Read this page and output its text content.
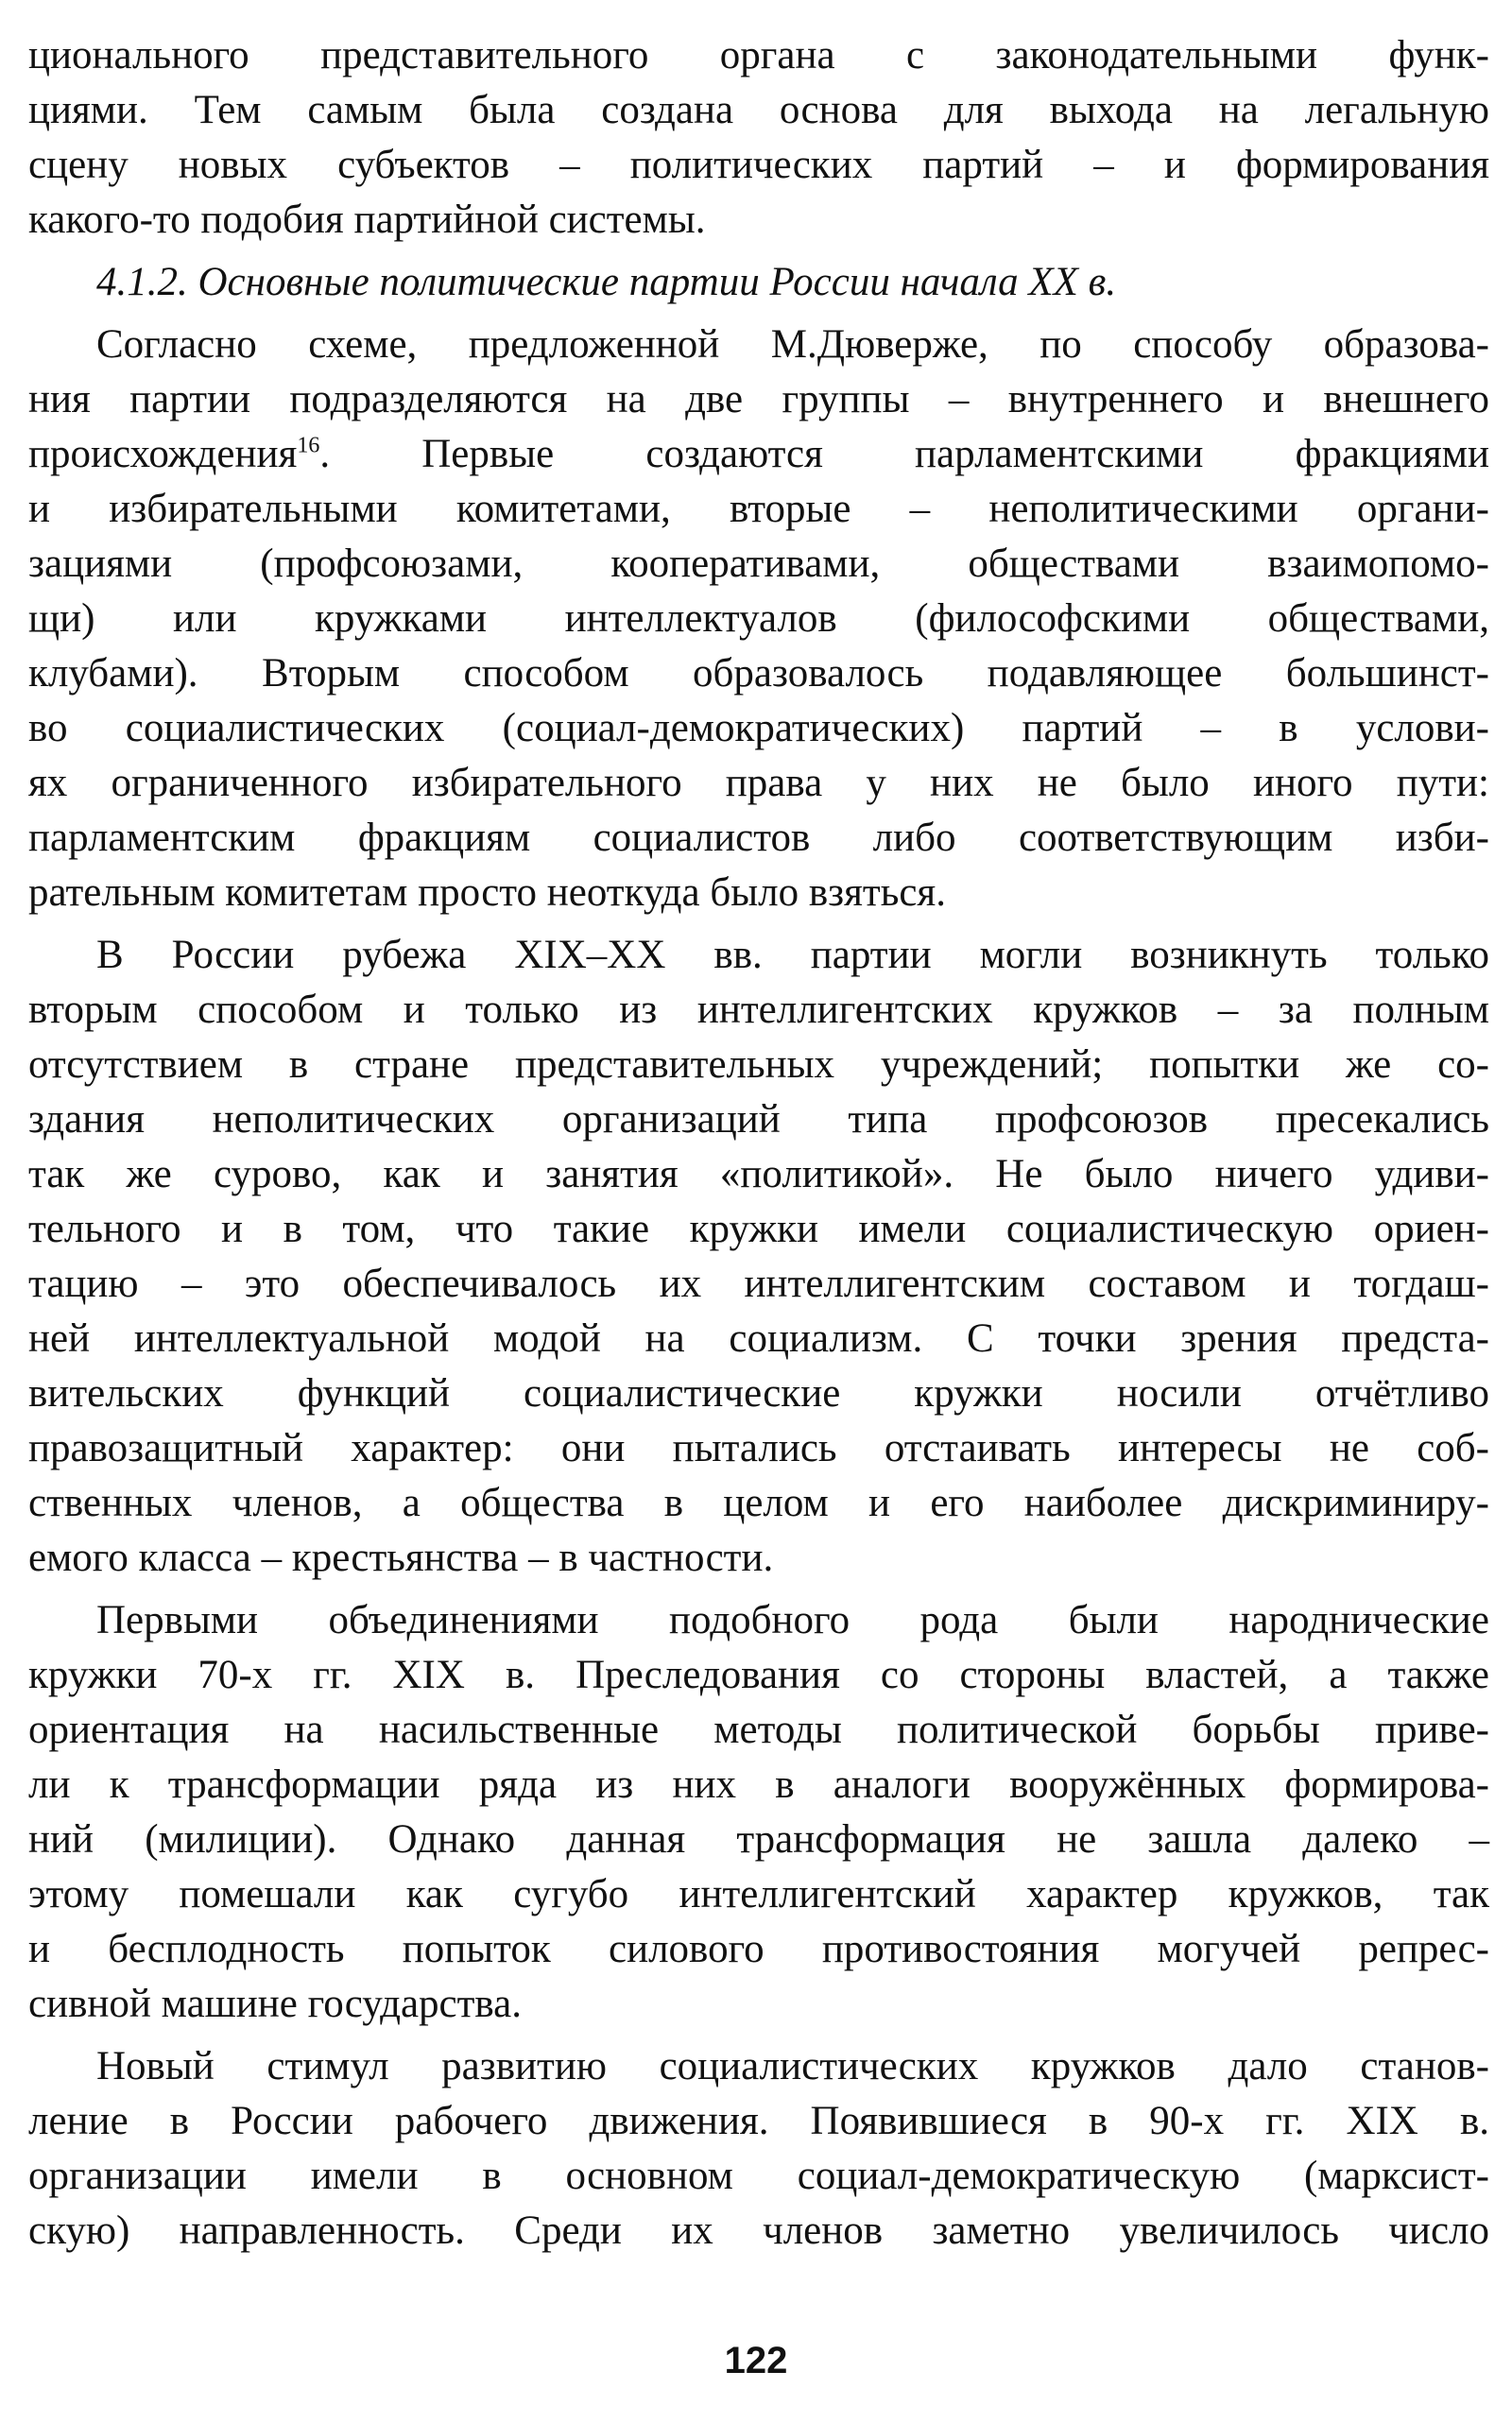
ционального представительного органа с законодательными функ-
циями. Тем самым была создана основа для выхода на легальную
сцену новых субъектов – политических партий – и формирования
какого-то подобия партийной системы.
4.1.2. Основные политические партии России начала XX в.
Согласно схеме, предложенной М.Дюверже, по способу образова-
ния партии подразделяются на две группы – внутреннего и внешнего
происхождения$^{16}$. Первые создаются парламентскими фракциями
и избирательными комитетами, вторые – неполитическими органи-
зациями (профсоюзами, кооперативами, обществами взаимопомо-
щи) или кружками интеллектуалов (философскими обществами,
клубами). Вторым способом образовалось подавляющее большинст-
во социалистических (социал-демократических) партий – в услови-
ях ограниченного избирательного права у них не было иного пути:
парламентским фракциям социалистов либо соответствующим изби-
рательным комитетам просто неоткуда было взяться.
В России рубежа XIX–XX вв. партии могли возникнуть только
вторым способом и только из интеллигентских кружков – за полным
отсутствием в стране представительных учреждений; попытки же со-
здания неполитических организаций типа профсоюзов пресекались
так же сурово, как и занятия «политикой». Не было ничего удиви-
тельного и в том, что такие кружки имели социалистическую ориен-
тацию – это обеспечивалось их интеллигентским составом и тогдаш-
ней интеллектуальной модой на социализм. С точки зрения предста-
вительских функций социалистические кружки носили отчётливо
правозащитный характер: они пытались отстаивать интересы не соб-
ственных членов, а общества в целом и его наиболее дискриминиру-
емого класса – крестьянства – в частности.
Первыми объединениями подобного рода были народнические
кружки 70-х гг. XIX в. Преследования со стороны властей, а также
ориентация на насильственные методы политической борьбы приве-
ли к трансформации ряда из них в аналоги вооружённых формирова-
ний (милиции). Однако данная трансформация не зашла далеко –
этому помешали как сугубо интеллигентский характер кружков, так
и бесплодность попыток силового противостояния могучей репрес-
сивной машине государства.
Новый стимул развитию социалистических кружков дало станов-
ление в России рабочего движения. Появившиеся в 90-х гг. XIX в.
организации имели в основном социал-демократическую (марксист-
скую) направленность. Среди их членов заметно увеличилось число
122
